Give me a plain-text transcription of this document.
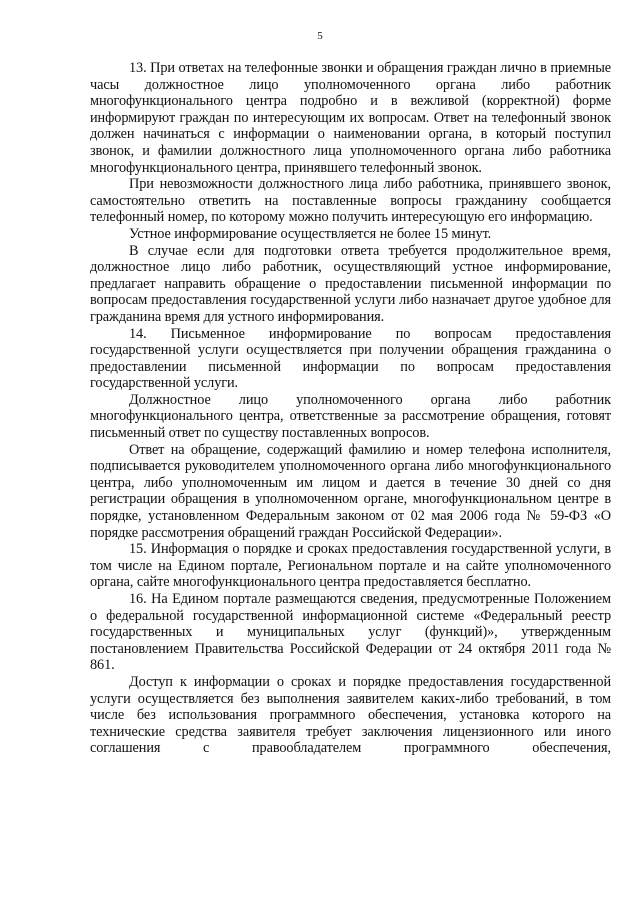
5

13. При ответах на телефонные звонки и обращения граждан лично в приемные часы должностное лицо уполномоченного органа либо работник многофункционального центра подробно и в вежливой (корректной) форме информируют граждан по интересующим их вопросам. Ответ на телефонный звонок должен начинаться с информации о наименовании органа, в который поступил звонок, и фамилии должностного лица уполномоченного органа либо работника многофункционального центра, принявшего телефонный звонок.

При невозможности должностного лица либо работника, принявшего звонок, самостоятельно ответить на поставленные вопросы гражданину сообщается телефонный номер, по которому можно получить интересующую его информацию.

Устное информирование осуществляется не более 15 минут.

В случае если для подготовки ответа требуется продолжительное время, должностное лицо либо работник, осуществляющий устное информирование, предлагает направить обращение о предоставлении письменной информации по вопросам предоставления государственной услуги либо назначает другое удобное для гражданина время для устного информирования.

14. Письменное информирование по вопросам предоставления государственной услуги осуществляется при получении обращения гражданина о предоставлении письменной информации по вопросам предоставления государственной услуги.

Должностное лицо уполномоченного органа либо работник многофункционального центра, ответственные за рассмотрение обращения, готовят письменный ответ по существу поставленных вопросов.

Ответ на обращение, содержащий фамилию и номер телефона исполнителя, подписывается руководителем уполномоченного органа либо многофункционального центра, либо уполномоченным им лицом и дается в течение 30 дней со дня регистрации обращения в уполномоченном органе, многофункциональном центре в порядке, установленном Федеральным законом от 02 мая 2006 года № 59-ФЗ «О порядке рассмотрения обращений граждан Российской Федерации».

15. Информация о порядке и сроках предоставления государственной услуги, в том числе на Едином портале, Региональном портале и на сайте уполномоченного органа, сайте многофункционального центра предоставляется бесплатно.

16. На Едином портале размещаются сведения, предусмотренные Положением о федеральной государственной информационной системе «Федеральный реестр государственных и муниципальных услуг (функций)», утвержденным постановлением Правительства Российской Федерации от 24 октября 2011 года № 861.

Доступ к информации о сроках и порядке предоставления государственной услуги осуществляется без выполнения заявителем каких-либо требований, в том числе без использования программного обеспечения, установка которого на технические средства заявителя требует заключения лицензионного или иного соглашения с правообладателем программного обеспечения,
